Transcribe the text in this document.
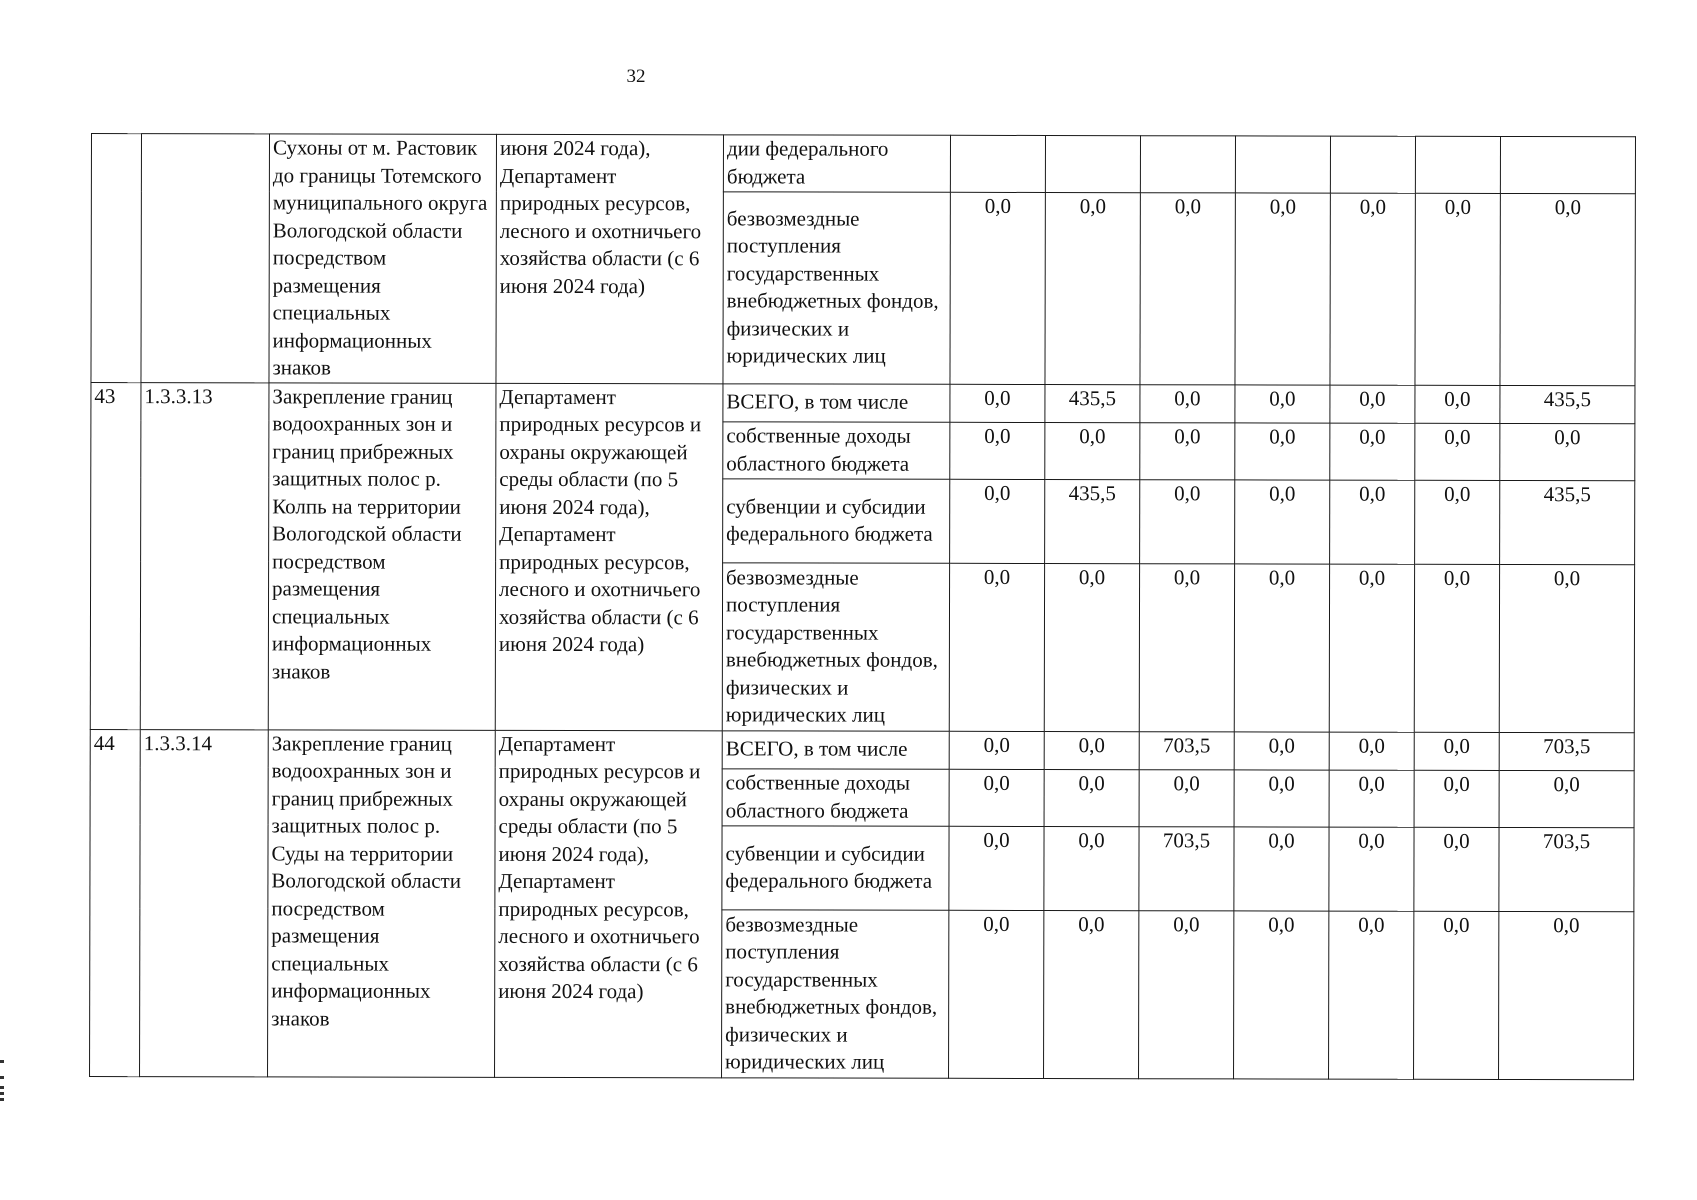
32
		Сухоны от м. Растовик до границы Тотемского муниципального округа Вологодской области посредством размещения специальных информационных знаков	июня 2024 года), Департамент природных ресурсов, лесного и охотничьего хозяйства области (с 6 июня 2024 года)	дии федерального бюджета							
				безвозмездные поступления государственных внебюджетных фондов, физических и юридических лиц	0,0	0,0	0,0	0,0	0,0	0,0	0,0
43	1.3.3.13	Закрепление границ водоохранных зон и границ прибрежных защитных полос р. Колпь на территории Вологодской области посредством размещения специальных информационных знаков	Департамент природных ресурсов и охраны окружающей среды области (по 5 июня 2024 года), Департамент природных ресурсов, лесного и охотничьего хозяйства области (с 6 июня 2024 года)	ВСЕГО, в том числе	0,0	435,5	0,0	0,0	0,0	0,0	435,5
				собственные доходы областного бюджета	0,0	0,0	0,0	0,0	0,0	0,0	0,0
				субвенции и субсидии федерального бюджета	0,0	435,5	0,0	0,0	0,0	0,0	435,5
				безвозмездные поступления государственных внебюджетных фондов, физических и юридических лиц	0,0	0,0	0,0	0,0	0,0	0,0	0,0
44	1.3.3.14	Закрепление границ водоохранных зон и границ прибрежных защитных полос р. Суды на территории Вологодской области посредством размещения специальных информационных знаков	Департамент природных ресурсов и охраны окружающей среды области (по 5 июня 2024 года), Департамент природных ресурсов, лесного и охотничьего хозяйства области (с 6 июня 2024 года)	ВСЕГО, в том числе	0,0	0,0	703,5	0,0	0,0	0,0	703,5
				собственные доходы областного бюджета	0,0	0,0	0,0	0,0	0,0	0,0	0,0
				субвенции и субсидии федерального бюджета	0,0	0,0	703,5	0,0	0,0	0,0	703,5
				безвозмездные поступления государственных внебюджетных фондов, физических и юридических лиц	0,0	0,0	0,0	0,0	0,0	0,0	0,0
